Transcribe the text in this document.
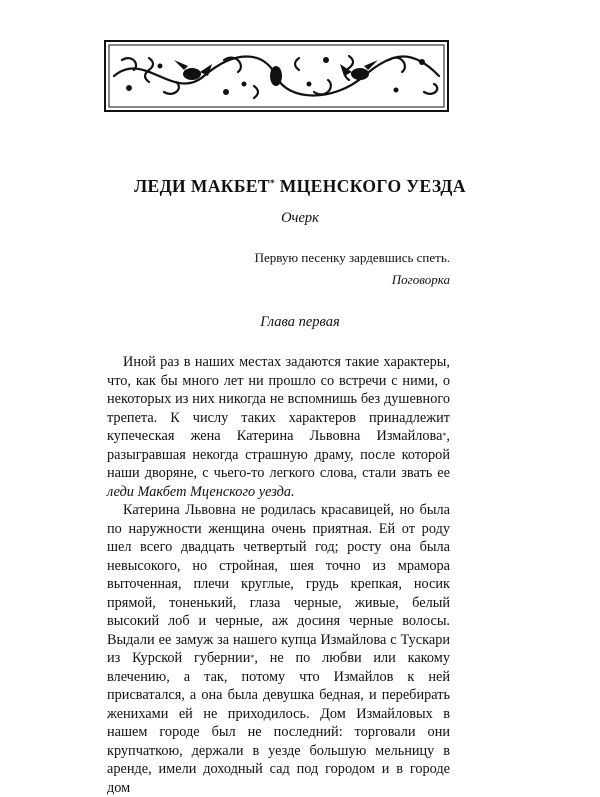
ЛЕДИ МАКБЕТ* МЦЕНСКОГО УЕЗДА
Очерк
Первую песенку зардевшись спеть.
Поговорка
Глава первая

Иной раз в наших местах задаются такие характеры, что, как бы много лет ни прошло со встречи с ними, о некоторых из них никогда не вспомнишь без душевного трепета. К числу таких характеров принадлежит купеческая жена Катерина Львовна Измайлова*, разыгравшая некогда страшную драму, после которой наши дворяне, с чьего-то легкого слова, стали звать ее леди Макбет Мценского уезда.

Катерина Львовна не родилась красавицей, но была по наружности женщина очень приятная. Ей от роду шел всего двадцать четвертый год; росту она была невысокого, но стройная, шея точно из мрамора выточенная, плечи круглые, грудь крепкая, носик прямой, тоненький, глаза черные, живые, белый высокий лоб и черные, аж досиня черные волосы. Выдали ее замуж за нашего купца Измайлова с Тускари из Курской губернии*, не по любви или какому влечению, а так, потому что Измайлов к ней присватался, а она была девушка бедная, и перебирать женихами ей не приходилось. Дом Измайловых в нашем городе был не последний: торговали они крупчаткою, держали в уезде большую мельницу в аренде, имели доходный сад под городом и в городе дом
